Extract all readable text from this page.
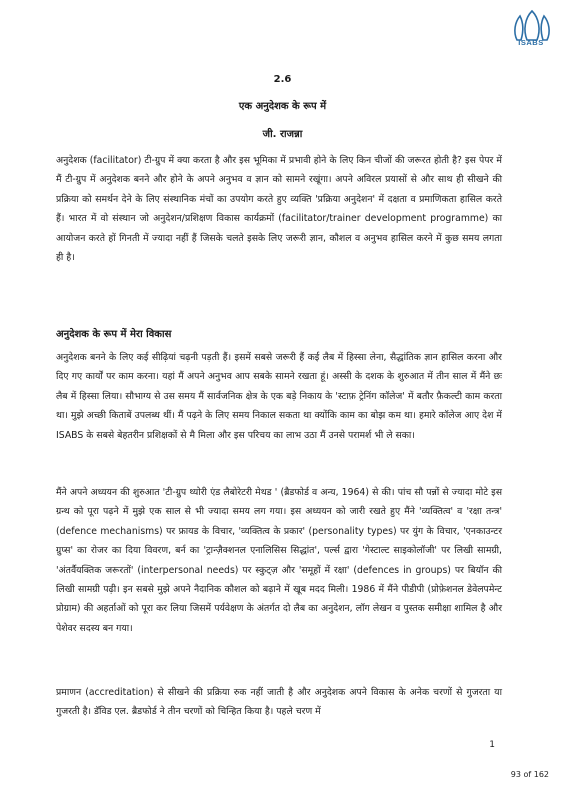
ISABS
2.6
एक अनुदेशक के रूप में
जी. राजन्ना

अनुदेशक (facilitator) टी-ग्रुप में क्या करता है और इस भूमिका में प्रभावी होने के लिए किन चीजों की जरूरत होती है? इस पेपर में मैं टी-ग्रुप में अनुदेशक बनने और होने के अपने अनुभव व ज्ञान को सामने रखूंगा। अपने अविरल प्रयासों से और साथ ही सीखने की प्रक्रिया को समर्थन देने के लिए संस्थानिक मंचों का उपयोग करते हुए व्यक्ति 'प्रक्रिया अनुदेशन' में दक्षता व प्रमाणिकता हासिल करते हैं। भारत में वो संस्थान जो अनुदेशन/प्रशिक्षण विकास कार्यक्रमों (facilitator/trainer development programme) का आयोजन करते हों गिनती में ज्यादा नहीं हैं जिसके चलते इसके लिए जरूरी ज्ञान, कौशल व अनुभव हासिल करने में कुछ समय लगता ही है।

अनुदेशक के रूप में मेरा विकास

अनुदेशक बनने के लिए कई सीढ़ियां चढ़नी पड़ती हैं। इसमें सबसे जरूरी हैं कई लैब में हिस्सा लेना, सैद्धांतिक ज्ञान हासिल करना और दिए गए कार्यों पर काम करना। यहां मैं अपने अनुभव आप सबके सामने रखता हूं। अस्सी के दशक के शुरुआत में तीन साल में मैंने छः लैब में हिस्सा लिया। सौभाग्य से उस समय मैं सार्वजनिक क्षेत्र के एक बड़े निकाय के 'स्टाफ़ ट्रेनिंग कॉलेज' में बतौर फ़ैकल्टी काम करता था। मुझे अच्छी किताबें उपलब्ध थीं। मैं पढ़ने के लिए समय निकाल सकता था क्योंकि काम का बोझ कम था। हमारे कॉलेज आए देश में ISABS के सबसे बेहतरीन प्रशिक्षकों से मै मिला और इस परिचय का लाभ उठा मैं उनसे परामर्श भी ले सका।

मैंने अपने अध्ययन की शुरुआत 'टी-ग्रुप थ्योरी एंड लैबोरेटरी मेथड ' (ब्रैडफोर्ड व अन्य, 1964) से की। पांच सौ पन्नों से ज्यादा मोटे इस ग्रन्थ को पूरा पढ़ने में मुझे एक साल से भी ज्यादा समय लग गया। इस अध्ययन को जारी रखते हुए मैंने 'व्यक्तित्व' व 'रक्षा तन्त्र' (defence mechanisms) पर फ्रायड के विचार, 'व्यक्तित्व के प्रकार' (personality types) पर युंग के विचार, 'एनकाउन्टर ग्रुप्स' का रोजर का दिया विवरण, बर्न का 'ट्रान्ज़ैक्शनल एनालिसिस सिद्धांत', पर्ल्स द्वारा 'गेस्टाल्ट साइकोलॉजी' पर लिखी सामग्री, 'अंतर्वैयक्तिक जरूरतों' (interpersonal needs) पर स्कुट्ज़ और 'समूहों में रक्षा' (defences in groups) पर बियॉन की लिखी सामग्री पढ़ी। इन सबसे मुझे अपने नैदानिक कौशल को बढ़ाने में खूब मदद मिली। 1986 में मैंने पीडीपी (प्रोफ़ेशनल डेवेलपमेन्ट प्रोग्राम) की अहर्ताओं को पूरा कर लिया जिसमें पर्यवेक्षण के अंतर्गत दो लैब का अनुदेशन, लॉग लेखन व पुस्तक समीक्षा शामिल है और पेशेवर सदस्य बन गया।

प्रमाणन (accreditation) से सीखने की प्रक्रिया रुक नहीं जाती है और अनुदेशक अपने विकास के अनेक चरणों से गुजरता या गुजरती है। डॅविड एल. ब्रैडफोर्ड ने तीन चरणों को चिन्हित किया है। पहले चरण में

1
93 of 162
